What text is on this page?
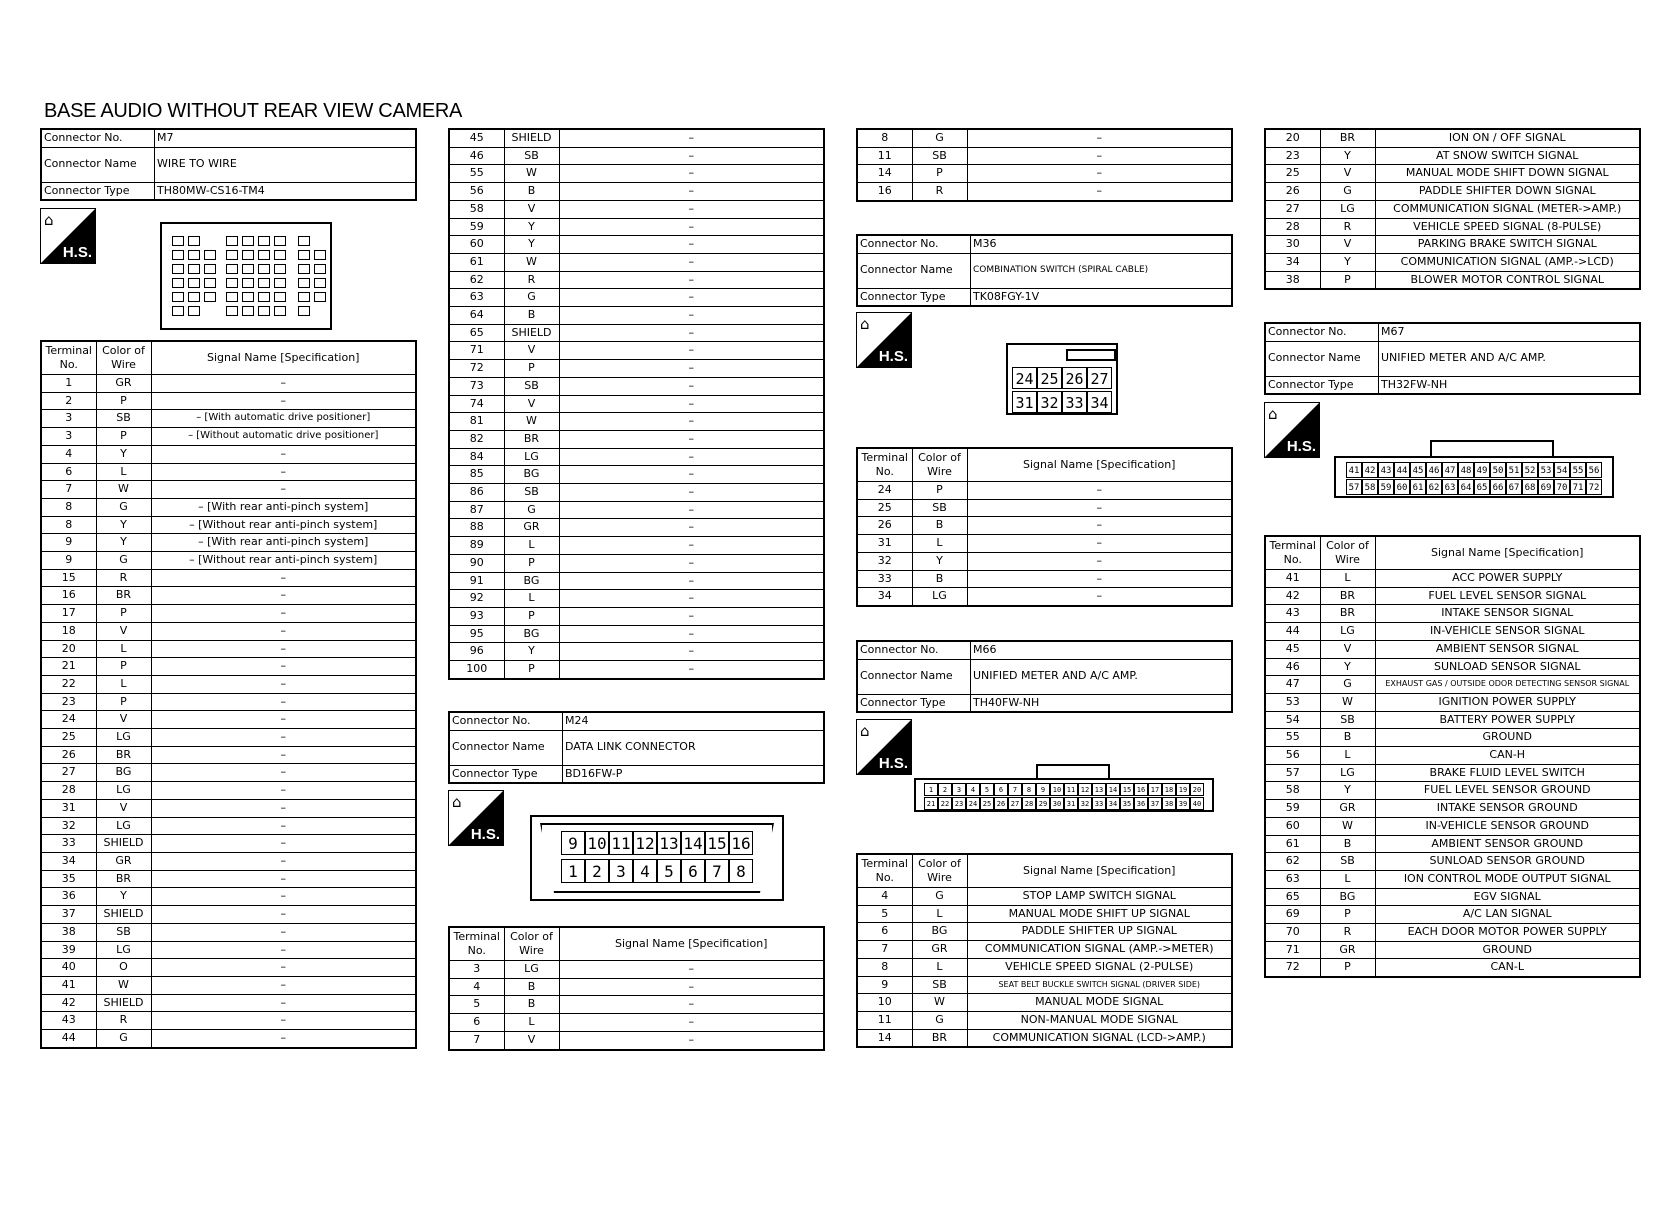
BASE AUDIO WITHOUT REAR VIEW CAMERA
Connector No.	M7
Connector Name	WIRE TO WIRE
Connector Type	TH80MW-CS16-TM4
⌂
H.S.
Terminal No.	Color of Wire	Signal Name [Specification]
1	GR	–
2	P	–
3	SB	– [With automatic drive positioner]
3	P	– [Without automatic drive positioner]
4	Y	–
6	L	–
7	W	–
8	G	– [With rear anti-pinch system]
8	Y	– [Without rear anti-pinch system]
9	Y	– [With rear anti-pinch system]
9	G	– [Without rear anti-pinch system]
15	R	–
16	BR	–
17	P	–
18	V	–
20	L	–
21	P	–
22	L	–
23	P	–
24	V	–
25	LG	–
26	BR	–
27	BG	–
28	LG	–
31	V	–
32	LG	–
33	SHIELD	–
34	GR	–
35	BR	–
36	Y	–
37	SHIELD	–
38	SB	–
39	LG	–
40	O	–
41	W	–
42	SHIELD	–
43	R	–
44	G	–
45	SHIELD	–
46	SB	–
55	W	–
56	B	–
58	V	–
59	Y	–
60	Y	–
61	W	–
62	R	–
63	G	–
64	B	–
65	SHIELD	–
71	V	–
72	P	–
73	SB	–
74	V	–
81	W	–
82	BR	–
84	LG	–
85	BG	–
86	SB	–
87	G	–
88	GR	–
89	L	–
90	P	–
91	BG	–
92	L	–
93	P	–
95	BG	–
96	Y	–
100	P	–
Connector No.	M24
Connector Name	DATA LINK CONNECTOR
Connector Type	BD16FW-P
⌂
H.S.	9 10 11 12 13 14 15 16
1 2 3 4 5 6 7 8
Terminal No.	Color of Wire	Signal Name [Specification]
3	LG	–
4	B	–
5	B	–
6	L	–
7	V	–
8	G	–
11	SB	–
14	P	–
16	R	–
Connector No.	M36
Connector Name	COMBINATION SWITCH (SPIRAL CABLE)
Connector Type	TK08FGY-1V
⌂
H.S.
24 25 26 27
31 32 33 34
Terminal No.	Color of Wire	Signal Name [Specification]
24	P	–
25	SB	–
26	B	–
31	L	–
32	Y	–
33	B	–
34	LG	–
Connector No.	M66
Connector Name	UNIFIED METER AND A/C AMP.
Connector Type	TH40FW-NH
⌂
H.S.
1	2	3	4	5	6	7	8	9	10 11 12 13 14 15 16 17 18 19 20
21 22 23 24 25 26 27 28 29 30 31 32 33 34 35 36 37 38 39 40
Terminal No.	Color of Wire	Signal Name [Specification]
4	G	STOP LAMP SWITCH SIGNAL
5	L	MANUAL MODE SHIFT UP SIGNAL
6	BG	PADDLE SHIFTER UP SIGNAL
7	GR	COMMUNICATION SIGNAL (AMP.->METER)
8	L	VEHICLE SPEED SIGNAL (2-PULSE)
9	SB	SEAT BELT BUCKLE SWITCH SIGNAL (DRIVER SIDE)
10	W	MANUAL MODE SIGNAL
11	G	NON-MANUAL MODE SIGNAL
14	BR	COMMUNICATION SIGNAL (LCD->AMP.)
20	BR	ION ON / OFF SIGNAL
23	Y	AT SNOW SWITCH SIGNAL
25	V	MANUAL MODE SHIFT DOWN SIGNAL
26	G	PADDLE SHIFTER DOWN SIGNAL
27	LG	COMMUNICATION SIGNAL (METER->AMP.)
28	R	VEHICLE SPEED SIGNAL (8-PULSE)
30	V	PARKING BRAKE SWITCH SIGNAL
34	Y	COMMUNICATION SIGNAL (AMP.->LCD)
38	P	BLOWER MOTOR CONTROL SIGNAL
Connector No.	M67
Connector Name	UNIFIED METER AND A/C AMP.
Connector Type	TH32FW-NH
⌂
H.S.
41 42 43 44 45 46 47 48 49 50 51 52 53 54 55 56
57 58 59 60 61 62 63 64 65 66 67 68 69 70 71 72
Terminal No.	Color of Wire	Signal Name [Specification]
41	L	ACC POWER SUPPLY
42	BR	FUEL LEVEL SENSOR SIGNAL
43	BR	INTAKE SENSOR SIGNAL
44	LG	IN-VEHICLE SENSOR SIGNAL
45	V	AMBIENT SENSOR SIGNAL
46	Y	SUNLOAD SENSOR SIGNAL
47	G	EXHAUST GAS / OUTSIDE ODOR DETECTING SENSOR SIGNAL
53	W	IGNITION POWER SUPPLY
54	SB	BATTERY POWER SUPPLY
55	B	GROUND
56	L	CAN-H
57	LG	BRAKE FLUID LEVEL SWITCH
58	Y	FUEL LEVEL SENSOR GROUND
59	GR	INTAKE SENSOR GROUND
60	W	IN-VEHICLE SENSOR GROUND
61	B	AMBIENT SENSOR GROUND
62	SB	SUNLOAD SENSOR GROUND
63	L	ION CONTROL MODE OUTPUT SIGNAL
65	BG	EGV SIGNAL
69	P	A/C LAN SIGNAL
70	R	EACH DOOR MOTOR POWER SUPPLY
71	GR	GROUND
72	P	CAN-L
